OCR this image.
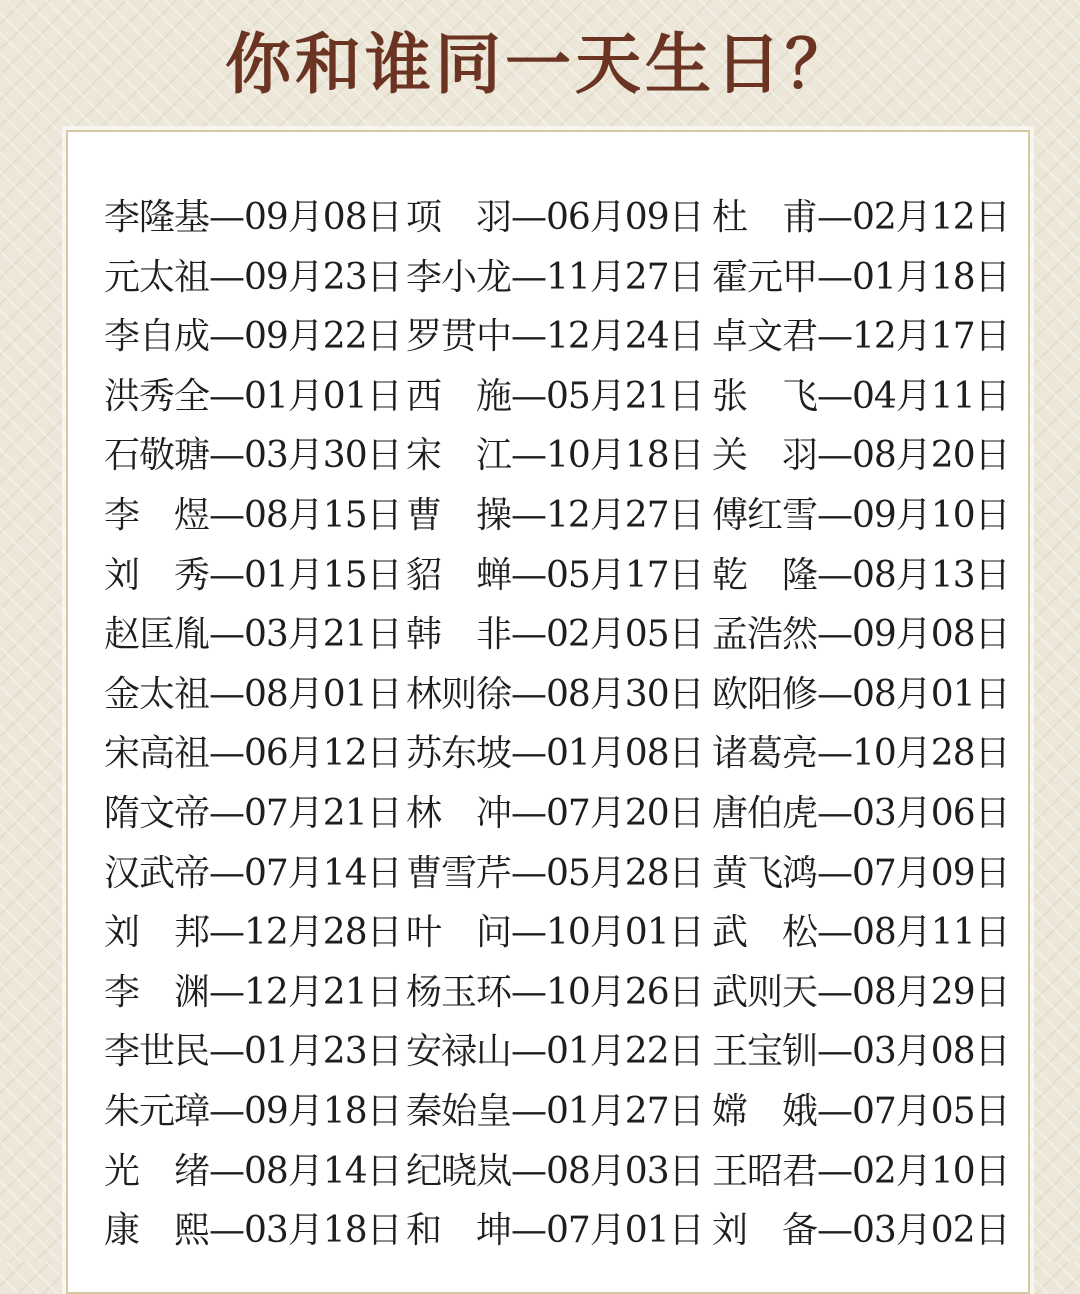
你和谁同一天生日？
李隆基—09月08日 项　羽—06月09日 杜　甫—02月12日
元太祖—09月23日 李小龙—11月27日 霍元甲—01月18日
李自成—09月22日 罗贯中—12月24日 卓文君—12月17日
洪秀全—01月01日 西　施—05月21日 张　飞—04月11日
石敬瑭—03月30日 宋　江—10月18日 关　羽—08月20日
李　煜—08月15日 曹　操—12月27日 傅红雪—09月10日
刘　秀—01月15日 貂　蝉—05月17日 乾　隆—08月13日
赵匡胤—03月21日 韩　非—02月05日 孟浩然—09月08日
金太祖—08月01日 林则徐—08月30日 欧阳修—08月01日
宋高祖—06月12日 苏东坡—01月08日 诸葛亮—10月28日
隋文帝—07月21日 林　冲—07月20日 唐伯虎—03月06日
汉武帝—07月14日 曹雪芹—05月28日 黄飞鸿—07月09日
刘　邦—12月28日 叶　问—10月01日 武　松—08月11日
李　渊—12月21日 杨玉环—10月26日 武则天—08月29日
李世民—01月23日 安禄山—01月22日 王宝钏—03月08日
朱元璋—09月18日 秦始皇—01月27日 嫦　娥—07月05日
光　绪—08月14日 纪晓岚—08月03日 王昭君—02月10日
康　熙—03月18日 和　坤—07月01日 刘　备—03月02日
